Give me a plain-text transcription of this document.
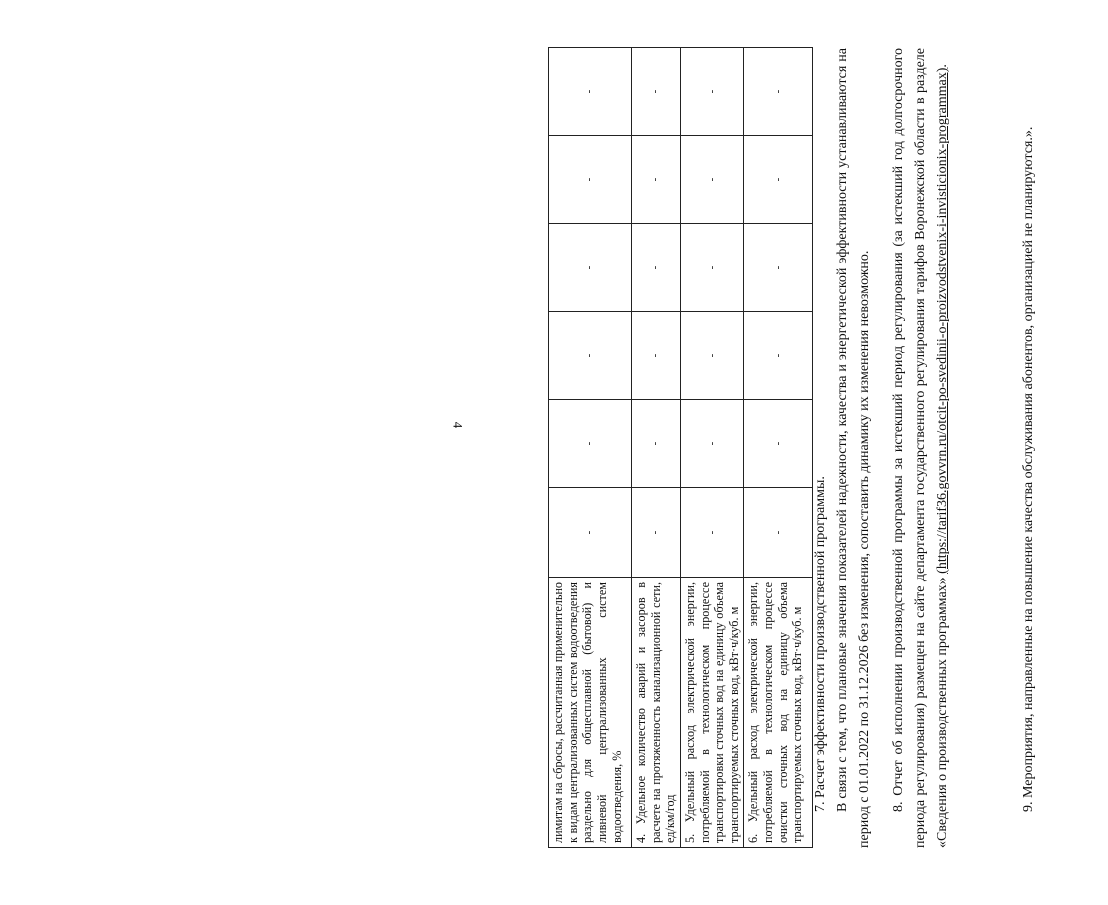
4
лимитам на сбросы, рассчитанная применительно к видам централизованных систем водоотведения раздельно для общесплавной (бытовой) и ливневой централизованных систем водоотведения, %	-	-	-	-	-	-
4. Удельное количество аварий и засоров в расчете на протяженность канализационной сети, ед/км/год	-	-	-	-	-	-
5. Удельный расход электрической энергии, потребляемой в технологическом процессе транспортировки сточных вод на единицу объема транспортируемых сточных вод, кВт·ч/куб. м	-	-	-	-	-	-
6. Удельный расход электрической энергии, потребляемой в технологическом процессе очистки сточных вод на единицу объема транспортируемых сточных вод, кВт·ч/куб. м	-	-	-	-	-	-

7. Расчет эффективности производственной программы. В связи с тем, что плановые значения показателей надежности, качества и энергетической эффективности устанавливаются на период с 01.01.2022 по 31.12.2026 без изменения, сопоставить динамику их изменения невозможно. 8. Отчет об исполнении производственной программы за истекший период регулирования (за истекший год долгосрочного периода регулирования) размещен на сайте департамента государственного регулирования тарифов Воронежской области в разделе «Сведения о производственных программах» (https://tarif36.govvrn.ru/otcit-po-svedinii-o-proizvodstvenix-i-invisticionix-programmax).

9. Мероприятия, направленные на повышение качества обслуживания абонентов, организацией не планируются.».
